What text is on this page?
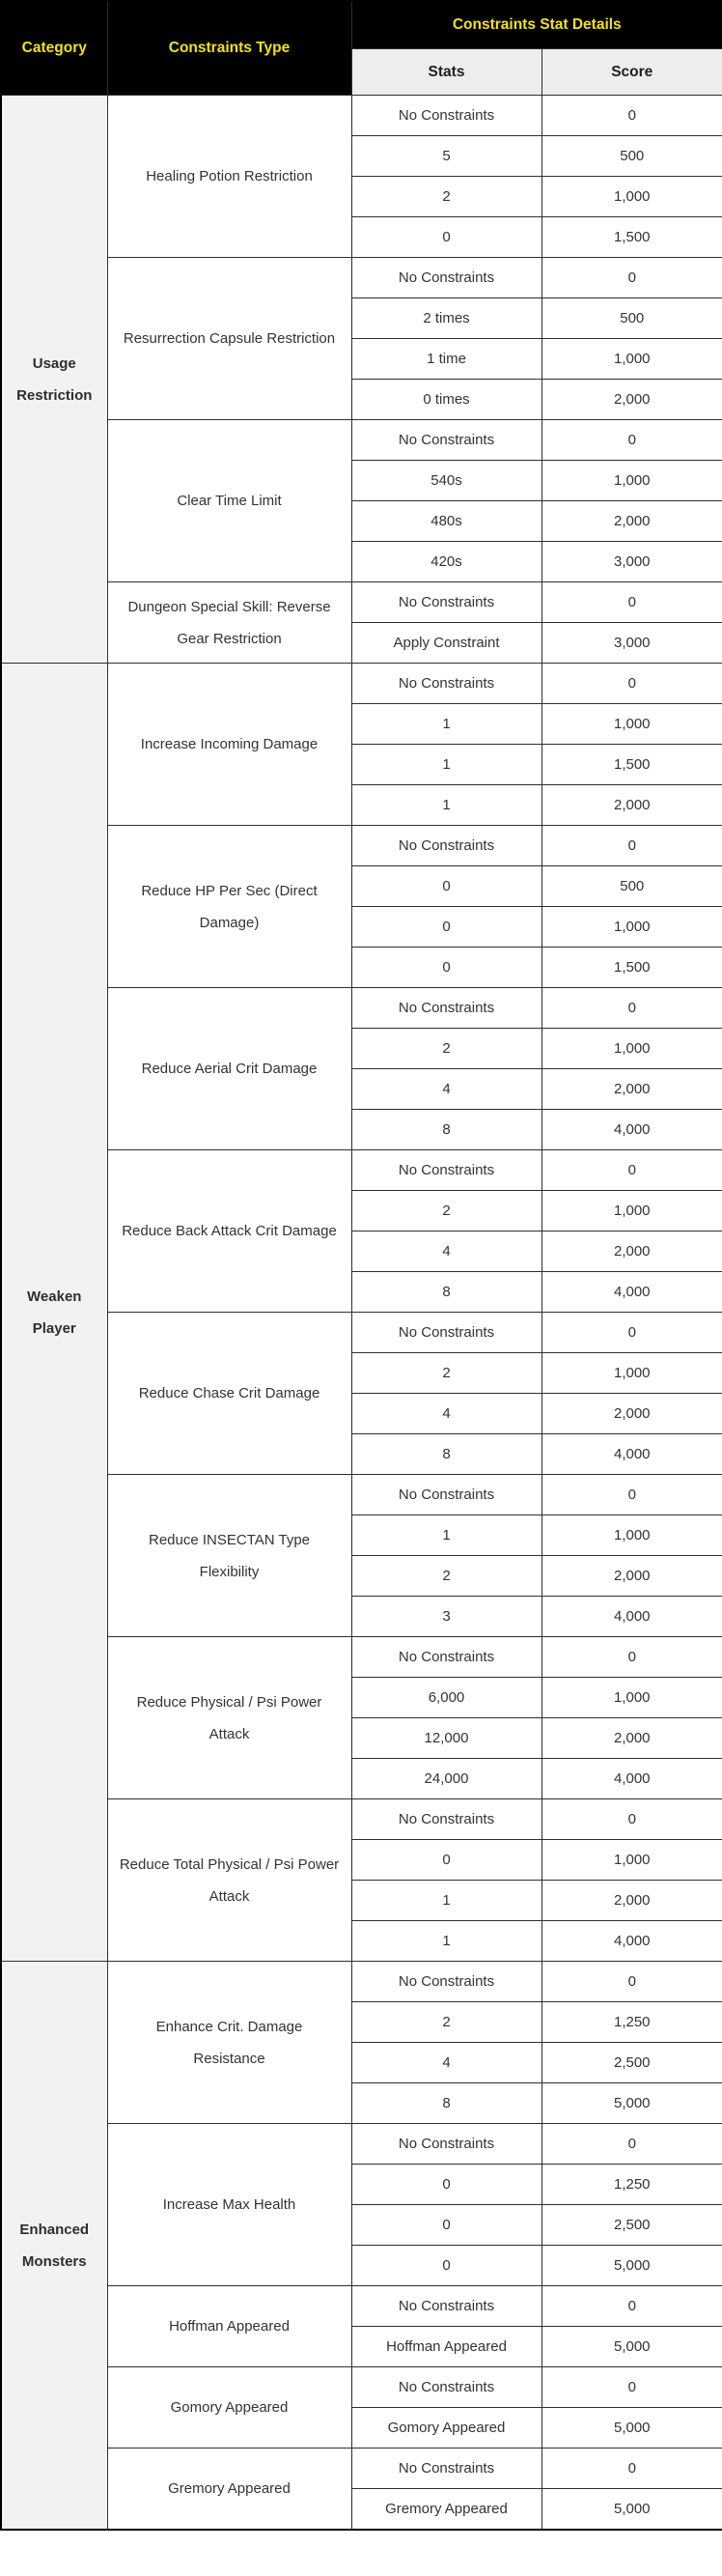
Category	Constraints Type	Constraints Stat Details	
		Stats	Score
Usage Restriction	Healing Potion Restriction	No Constraints	0
		5	500
		2	1,000
		0	1,500
	Resurrection Capsule Restriction	No Constraints	0
		2 times	500
		1 time	1,000
		0 times	2,000
	Clear Time Limit	No Constraints	0
		540s	1,000
		480s	2,000
		420s	3,000
	Dungeon Special Skill: Reverse Gear Restriction	No Constraints	0
		Apply Constraint	3,000
Weaken Player	Increase Incoming Damage	No Constraints	0
		1	1,000
		1	1,500
		1	2,000
	Reduce HP Per Sec (Direct Damage)	No Constraints	0
		0	500
		0	1,000
		0	1,500
	Reduce Aerial Crit Damage	No Constraints	0
		2	1,000
		4	2,000
		8	4,000
	Reduce Back Attack Crit Damage	No Constraints	0
		2	1,000
		4	2,000
		8	4,000
	Reduce Chase Crit Damage	No Constraints	0
		2	1,000
		4	2,000
		8	4,000
	Reduce INSECTAN Type Flexibility	No Constraints	0
		1	1,000
		2	2,000
		3	4,000
	Reduce Physical / Psi Power Attack	No Constraints	0
		6,000	1,000
		12,000	2,000
		24,000	4,000
	Reduce Total Physical / Psi Power Attack	No Constraints	0
		0	1,000
		1	2,000
		1	4,000
Enhanced Monsters	Enhance Crit. Damage Resistance	No Constraints	0
		2	1,250
		4	2,500
		8	5,000
	Increase Max Health	No Constraints	0
		0	1,250
		0	2,500
		0	5,000
	Hoffman Appeared	No Constraints	0
		Hoffman Appeared	5,000
	Gomory Appeared	No Constraints	0
		Gomory Appeared	5,000
	Gremory Appeared	No Constraints	0
		Gremory Appeared	5,000
